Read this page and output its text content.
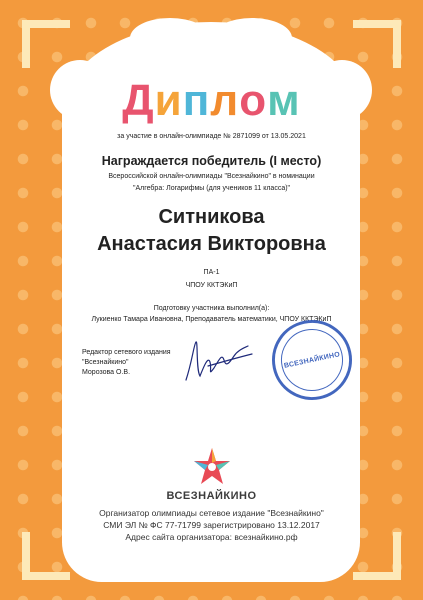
Диплом
за участие в онлайн-олимпиаде № 2871099 от 13.05.2021
Награждается победитель (I место)
Всероссийской онлайн-олимпиады "Всезнайкино" в номинации
"Алгебра: Логарифмы (для учеников 11 класса)"
Ситникова
Анастасия Викторовна
ПА-1
ЧПОУ ККТЭКиП
Подготовку участника выполнил(а):
Лукиенко Тамара Ивановна, Преподаватель математики, ЧПОУ ККТЭКиП
Редактор сетевого издания
"Всезнайкино"
Морозова О.В.
ВСЕЗНАЙКИНО
ВСЕЗНАЙКИНО
Организатор олимпиады сетевое издание "Всезнайкино"
СМИ ЭЛ № ФС 77-71799 зарегистрировано 13.12.2017
Адрес сайта организатора: всезнайкино.рф
